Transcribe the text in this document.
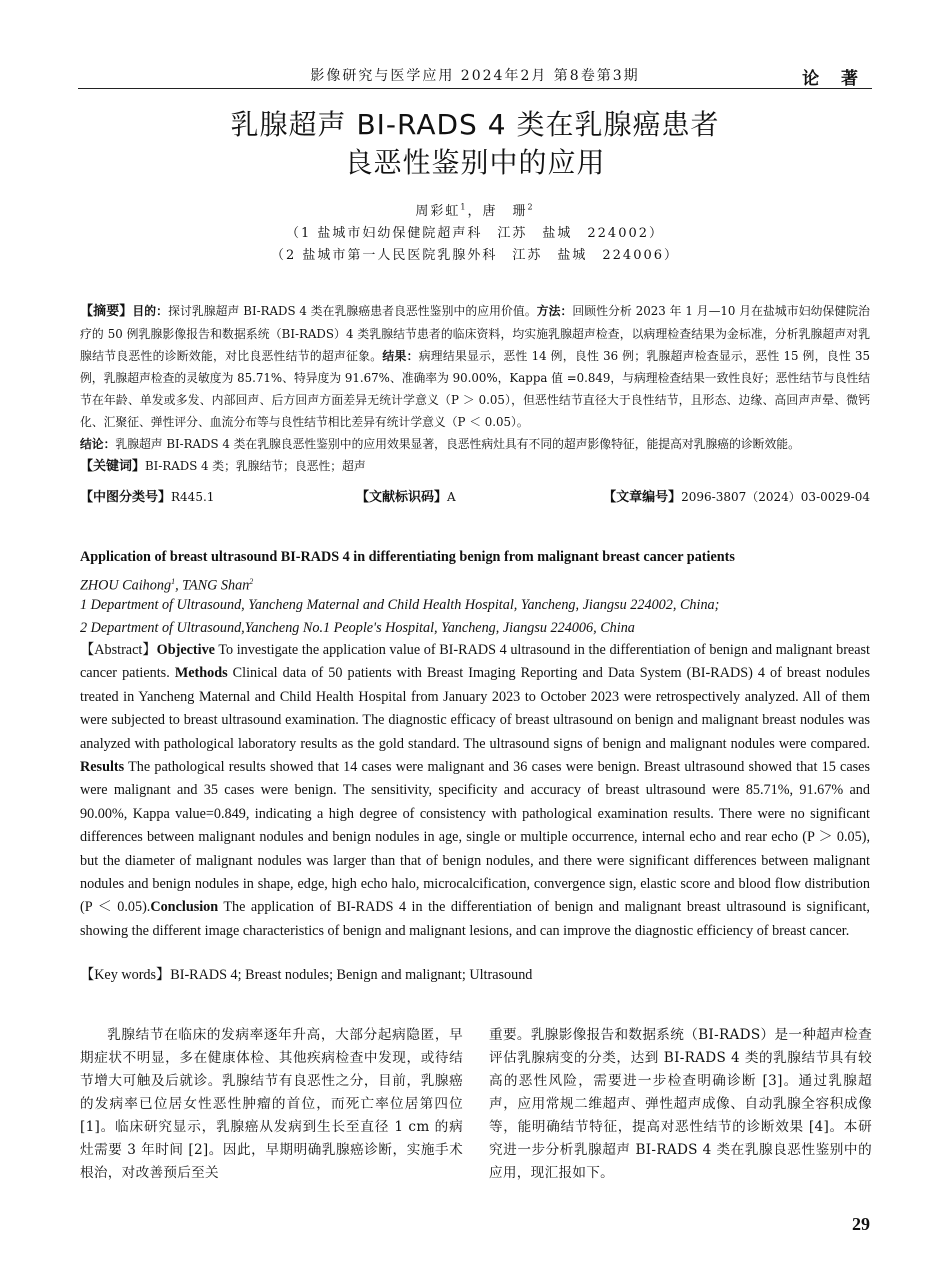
影像研究与医学应用 2024年2月 第8卷第3期	论 著
乳腺超声 BI-RADS 4 类在乳腺癌患者
良恶性鉴别中的应用
周彩虹$^1$，唐　珊$^2$
（1 盐城市妇幼保健院超声科　江苏　盐城　224002）
（2 盐城市第一人民医院乳腺外科　江苏　盐城　224006）
【摘要】目的：探讨乳腺超声 BI-RADS 4 类在乳腺癌患者良恶性鉴别中的应用价值。方法：回顾性分析 2023 年 1 月—10 月在盐城市妇幼保健院治疗的 50 例乳腺影像报告和数据系统（BI-RADS）4 类乳腺结节患者的临床资料，均实施乳腺超声检查，以病理检查结果为金标准，分析乳腺超声对乳腺结节良恶性的诊断效能，对比良恶性结节的超声征象。结果：病理结果显示，恶性 14 例，良性 36 例；乳腺超声检查显示，恶性 15 例，良性 35 例，乳腺超声检查的灵敏度为 85.71%、特异度为 91.67%、准确率为 90.00%，Kappa 值 =0.849，与病理检查结果一致性良好；恶性结节与良性结节在年龄、单发或多发、内部回声、后方回声方面差异无统计学意义（P ＞ 0.05），但恶性结节直径大于良性结节，且形态、边缘、高回声声晕、微钙化、汇聚征、弹性评分、血流分布等与良性结节相比差异有统计学意义（P ＜ 0.05）。
结论：乳腺超声 BI-RADS 4 类在乳腺良恶性鉴别中的应用效果显著，良恶性病灶具有不同的超声影像特征，能提高对乳腺癌的诊断效能。
【关键词】BI-RADS 4 类；乳腺结节；良恶性；超声
【中图分类号】R445.1	【文献标识码】A	【文章编号】2096-3807（2024）03-0029-04
Application of breast ultrasound BI-RADS 4 in differentiating benign from malignant breast cancer patients
ZHOU Caihong$^1$, TANG Shan$^2$
1 Department of Ultrasound, Yancheng Maternal and Child Health Hospital, Yancheng, Jiangsu 224002, China;
2 Department of Ultrasound,Yancheng No.1 People's Hospital, Yancheng, Jiangsu 224006, China
【Abstract】Objective To investigate the application value of BI-RADS 4 ultrasound in the differentiation of benign and malignant breast cancer patients. Methods Clinical data of 50 patients with Breast Imaging Reporting and Data System (BI-RADS) 4 of breast nodules treated in Yancheng Maternal and Child Health Hospital from January 2023 to October 2023 were retrospectively analyzed. All of them were subjected to breast ultrasound examination. The diagnostic efficacy of breast ultrasound on benign and malignant breast nodules was analyzed with pathological laboratory results as the gold standard. The ultrasound signs of benign and malignant nodules were compared. Results The pathological results showed that 14 cases were malignant and 36 cases were benign. Breast ultrasound showed that 15 cases were malignant and 35 cases were benign. The sensitivity, specificity and accuracy of breast ultrasound were 85.71%, 91.67% and 90.00%, Kappa value=0.849, indicating a high degree of consistency with pathological examination results. There were no significant differences between malignant nodules and benign nodules in age, single or multiple occurrence, internal echo and rear echo (P ＞ 0.05), but the diameter of malignant nodules was larger than that of benign nodules, and there were significant differences between malignant nodules and benign nodules in shape, edge, high echo halo, microcalcification, convergence sign, elastic score and blood flow distribution (P ＜ 0.05).Conclusion The application of BI-RADS 4 in the differentiation of benign and malignant breast ultrasound is significant, showing the different image characteristics of benign and malignant lesions, and can improve the diagnostic efficiency of breast cancer.
【Key words】BI-RADS 4; Breast nodules; Benign and malignant; Ultrasound
乳腺结节在临床的发病率逐年升高，大部分起病隐匿，早期症状不明显，多在健康体检、其他疾病检查中发现，或待结节增大可触及后就诊。乳腺结节有良恶性之分，目前，乳腺癌的发病率已位居女性恶性肿瘤的首位，而死亡率位居第四位 [1]。临床研究显示，乳腺癌从发病到生长至直径 1 cm 的病灶需要 3 年时间 [2]。因此，早期明确乳腺癌诊断，实施手术根治，对改善预后至关
重要。乳腺影像报告和数据系统（BI-RADS）是一种超声检查评估乳腺病变的分类，达到 BI-RADS 4 类的乳腺结节具有较高的恶性风险，需要进一步检查明确诊断 [3]。通过乳腺超声，应用常规二维超声、弹性超声成像、自动乳腺全容积成像等，能明确结节特征，提高对恶性结节的诊断效果 [4]。本研究进一步分析乳腺超声 BI-RADS 4 类在乳腺良恶性鉴别中的应用，现汇报如下。
29
